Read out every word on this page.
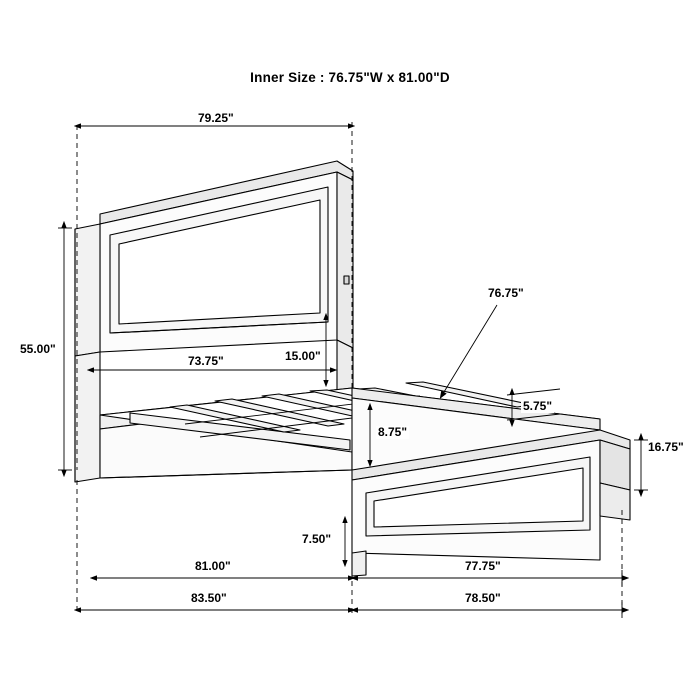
Inner Size : 76.75"W x 81.00"D
79.25"
55.00"
73.75"	15.00"
76.75"
5.75"
8.75"
16.75"
7.50"
81.00"	77.75"
83.50"	78.50"
